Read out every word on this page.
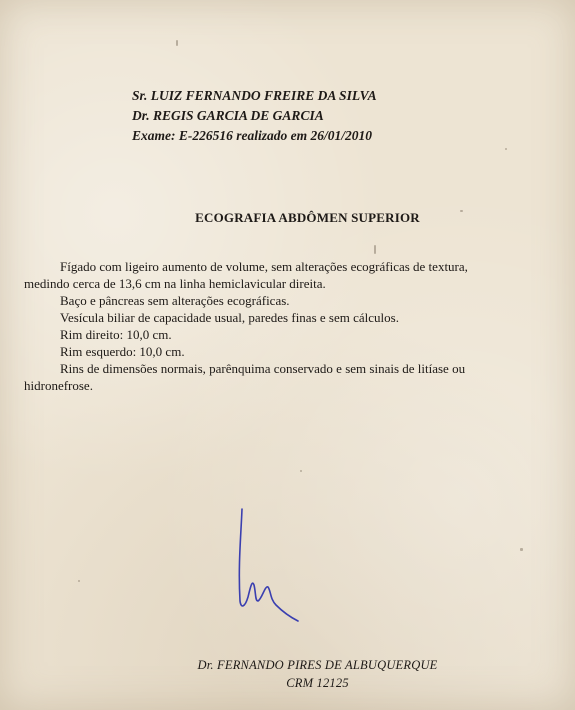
Sr. LUIZ FERNANDO FREIRE DA SILVA
Dr. REGIS GARCIA DE GARCIA
Exame: E-226516 realizado em 26/01/2010
ECOGRAFIA ABDÔMEN SUPERIOR

Fígado com ligeiro aumento de volume, sem alterações ecográficas de textura,

medindo cerca de 13,6 cm na linha hemiclavicular direita.

Baço e pâncreas sem alterações ecográficas.

Vesícula biliar de capacidade usual, paredes finas e sem cálculos.

Rim direito: 10,0 cm.

Rim esquerdo: 10,0 cm.

Rins de dimensões normais, parênquima conservado e sem sinais de litíase ou

hidronefrose.

Dr. FERNANDO PIRES DE ALBUQUERQUE
CRM 12125
